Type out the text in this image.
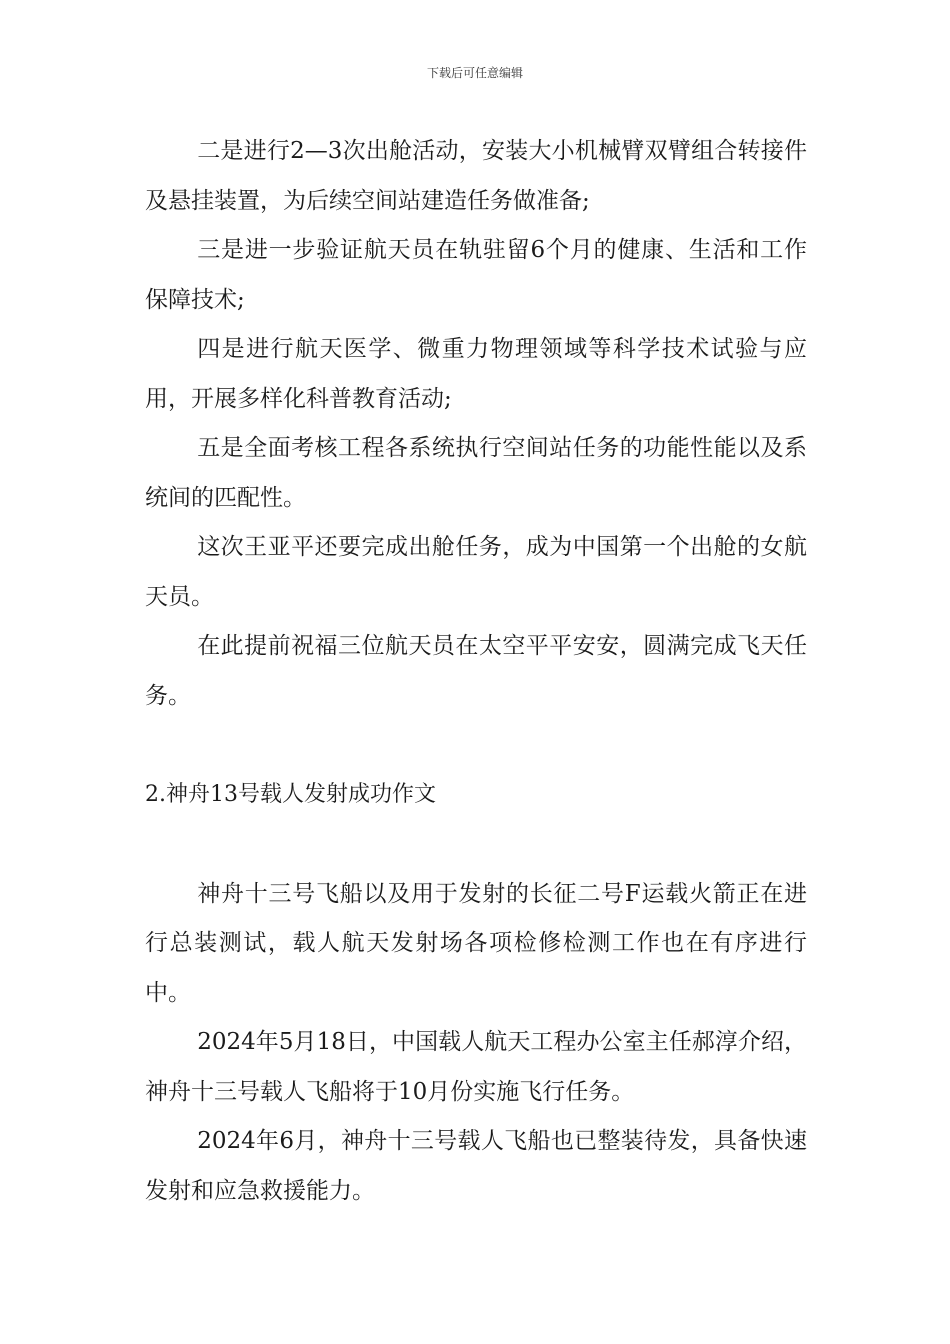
下载后可任意编辑

二是进行2—3次出舱活动，安装大小机械臂双臂组合转接件及悬挂装置，为后续空间站建造任务做准备;

三是进一步验证航天员在轨驻留6个月的健康、生活和工作保障技术;

四是进行航天医学、微重力物理领域等科学技术试验与应用，开展多样化科普教育活动;

五是全面考核工程各系统执行空间站任务的功能性能以及系统间的匹配性。

这次王亚平还要完成出舱任务，成为中国第一个出舱的女航天员。

在此提前祝福三位航天员在太空平平安安，圆满完成飞天任务。

2.神舟13号载人发射成功作文

神舟十三号飞船以及用于发射的长征二号F运载火箭正在进行总装测试，载人航天发射场各项检修检测工作也在有序进行中。

2024年5月18日，中国载人航天工程办公室主任郝淳介绍，神舟十三号载人飞船将于10月份实施飞行任务。

2024年6月，神舟十三号载人飞船也已整装待发，具备快速发射和应急救援能力。
